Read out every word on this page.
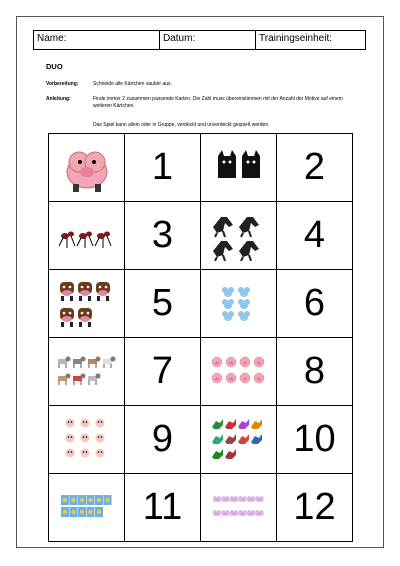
Name:	Datum:	Trainingseinheit:
DUO
Vorbereitung:	Schneide alle Kärtchen sauber aus.
Anleitung:	Finde immer 2 zusammen passende Karten. Die Zahl muss übereinstimmen mit der Anzahl der Motive auf einem weiteren Kärtchen.
Das Spiel kann allein oder in Gruppe, verdeckt und unverdeckt gespielt werden.
	1		2

	3		4

	5		6

	7		8

	9		10

	11		12
